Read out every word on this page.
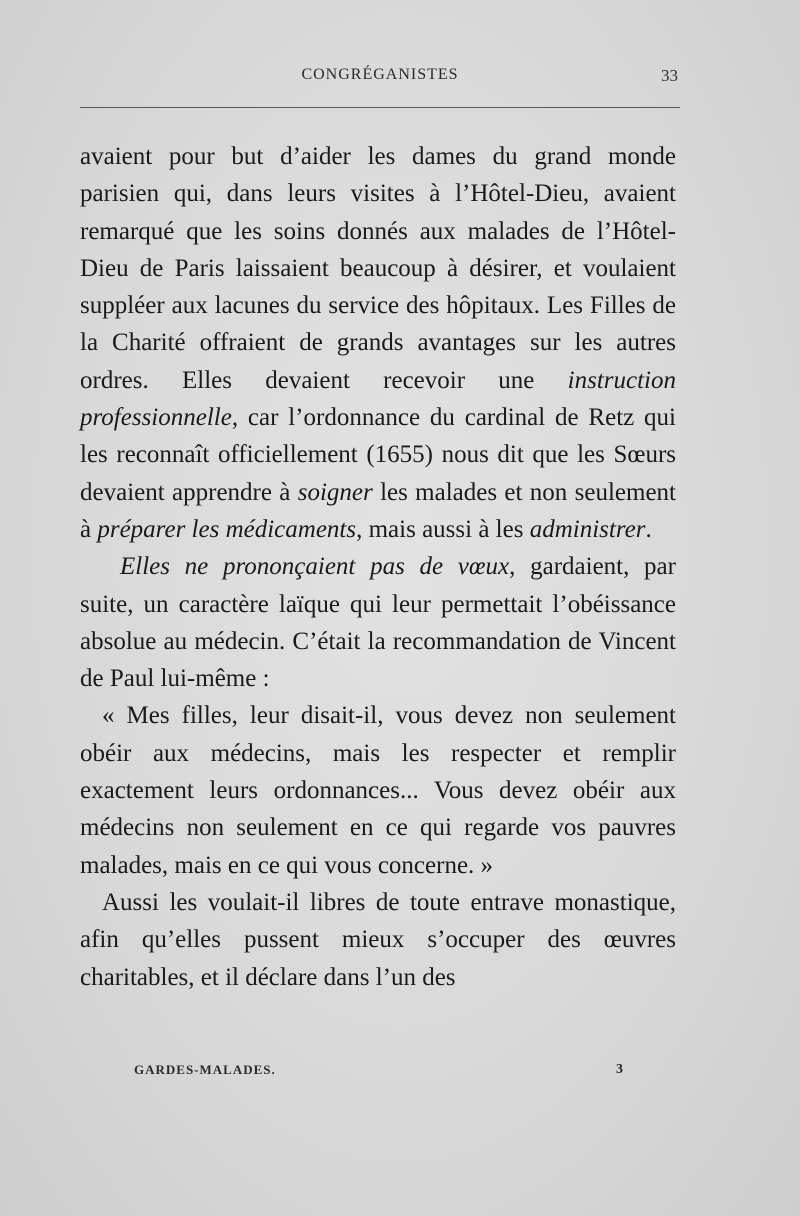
CONGRÉGANISTES	33

avaient pour but d’aider les dames du grand monde parisien qui, dans leurs visites à l’Hôtel-Dieu, avaient remarqué que les soins donnés aux malades de l’Hôtel-Dieu de Paris laissaient beaucoup à désirer, et voulaient suppléer aux lacunes du service des hôpitaux. Les Filles de la Charité offraient de grands avantages sur les autres ordres. Elles devaient recevoir une instruction professionnelle, car l’ordonnance du cardinal de Retz qui les reconnaît officiellement (1655) nous dit que les Sœurs devaient apprendre à soigner les malades et non seulement à préparer les médicaments, mais aussi à les administrer.

Elles ne prononçaient pas de vœux, gardaient, par suite, un caractère laïque qui leur permettait l’obéissance absolue au médecin. C’était la recommandation de Vincent de Paul lui-même :

« Mes filles, leur disait-il, vous devez non seulement obéir aux médecins, mais les respecter et remplir exactement leurs ordonnances... Vous devez obéir aux médecins non seulement en ce qui regarde vos pauvres malades, mais en ce qui vous concerne. »

Aussi les voulait-il libres de toute entrave monastique, afin qu’elles pussent mieux s’occuper des œuvres charitables, et il déclare dans l’un des

GARDES-MALADES.	3
